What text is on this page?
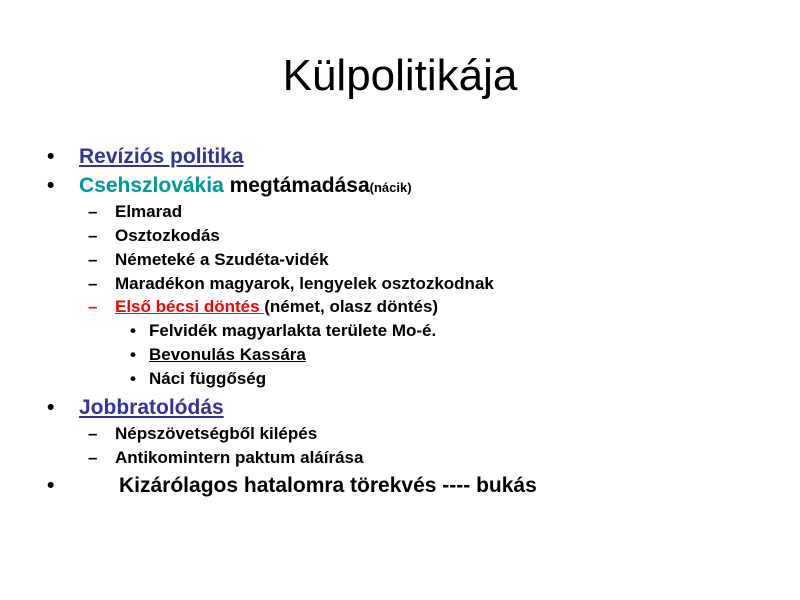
Külpolitikája
• Revíziós politika
• Csehszlovákia megtámadása(nácik)
– Elmarad
– Osztozkodás
– Németeké a Szudéta-vidék
– Maradékon magyarok, lengyelek osztozkodnak
– Első bécsi döntés (német, olasz döntés)
• Felvidék magyarlakta területe Mo-é.
• Bevonulás Kassára
• Náci függőség
• Jobbratolódás
– Népszövetségből kilépés
– Antikomintern paktum aláírása
•	Kizárólagos hatalomra törekvés ---- bukás
